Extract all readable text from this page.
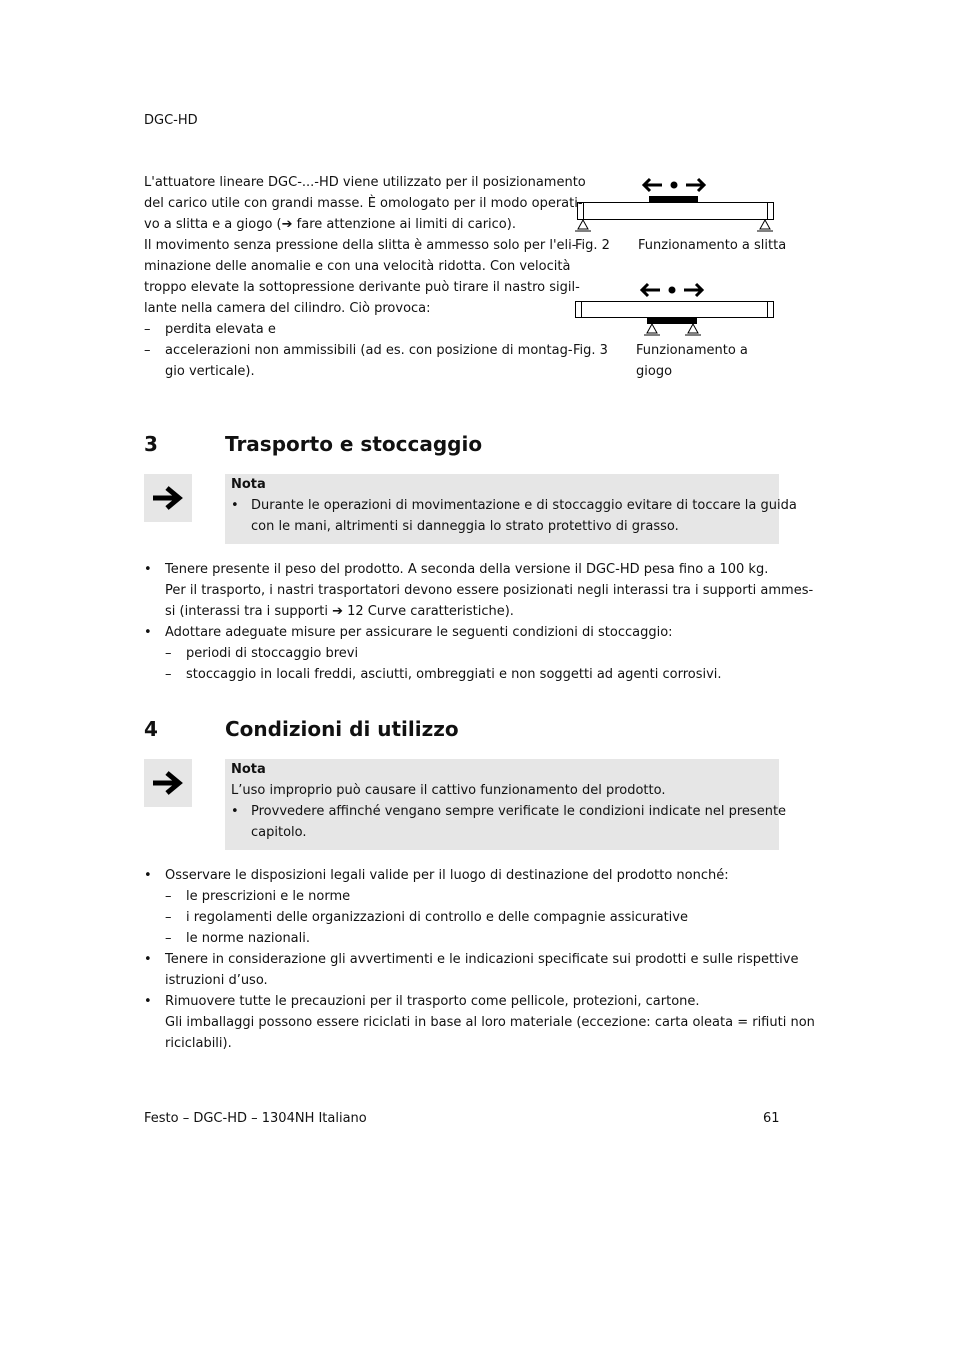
DGC-HD
L'attuatore lineare DGC-...-HD viene utilizzato per il posizionamento
del carico utile con grandi masse. È omologato per il modo operati-
vo a slitta e a giogo (➔ fare attenzione ai limiti di carico).
Il movimento senza pressione della slitta è ammesso solo per l'eli-
minazione delle anomalie e con una velocità ridotta. Con velocità
troppo elevate la sottopressione derivante può tirare il nastro sigil-
lante nella camera del cilindro. Ciò provoca:
– perdita elevata e
– accelerazioni non ammissibili (ad es. con posizione di montag-
gio verticale).
Fig. 2 Funzionamento a slitta
Fig. 3 Funzionamento a
giogo
3	Trasporto e stoccaggio
Nota
• Durante le operazioni di movimentazione e di stoccaggio evitare di toccare la guida
con le mani, altrimenti si danneggia lo strato protettivo di grasso.
• Tenere presente il peso del prodotto. A seconda della versione il DGC-HD pesa fino a 100 kg.
Per il trasporto, i nastri trasportatori devono essere posizionati negli interassi tra i supporti ammes-
si (interassi tra i supporti ➔ 12 Curve caratteristiche).
• Adottare adeguate misure per assicurare le seguenti condizioni di stoccaggio:
– periodi di stoccaggio brevi
– stoccaggio in locali freddi, asciutti, ombreggiati e non soggetti ad agenti corrosivi.
4	Condizioni di utilizzo
Nota
L’uso improprio può causare il cattivo funzionamento del prodotto.
• Provvedere affinché vengano sempre verificate le condizioni indicate nel presente
capitolo.
• Osservare le disposizioni legali valide per il luogo di destinazione del prodotto nonché:
– le prescrizioni e le norme
– i regolamenti delle organizzazioni di controllo e delle compagnie assicurative
– le norme nazionali.
• Tenere in considerazione gli avvertimenti e le indicazioni specificate sui prodotti e sulle rispettive
istruzioni d’uso.
• Rimuovere tutte le precauzioni per il trasporto come pellicole, protezioni, cartone.
Gli imballaggi possono essere riciclati in base al loro materiale (eccezione: carta oleata = rifiuti non
riciclabili).
Festo – DGC-HD – 1304NH Italiano	61
